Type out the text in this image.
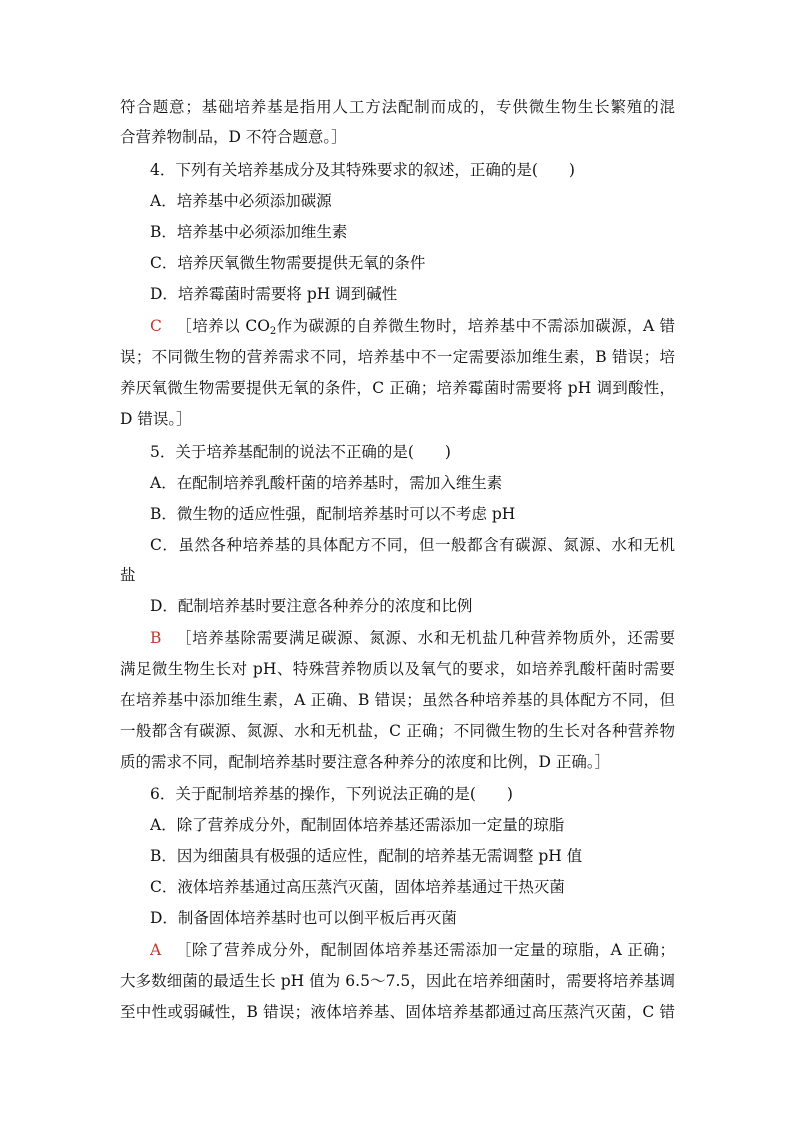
符合题意；基础培养基是指用人工方法配制而成的，专供微生物生长繁殖的混
合营养物制品，D 不符合题意。］
4．下列有关培养基成分及其特殊要求的叙述，正确的是(　　)
A．培养基中必须添加碳源
B．培养基中必须添加维生素
C．培养厌氧微生物需要提供无氧的条件
D．培养霉菌时需要将 pH 调到碱性
C ［培养以 $CO_2$作为碳源的自养微生物时，培养基中不需添加碳源，A 错
误；不同微生物的营养需求不同，培养基中不一定需要添加维生素，B 错误；培
养厌氧微生物需要提供无氧的条件，C 正确；培养霉菌时需要将 pH 调到酸性，
D 错误。］
5．关于培养基配制的说法不正确的是(　　)
A．在配制培养乳酸杆菌的培养基时，需加入维生素
B．微生物的适应性强，配制培养基时可以不考虑 pH
C．虽然各种培养基的具体配方不同，但一般都含有碳源、氮源、水和无机
盐
D．配制培养基时要注意各种养分的浓度和比例
B ［培养基除需要满足碳源、氮源、水和无机盐几种营养物质外，还需要
满足微生物生长对 pH、特殊营养物质以及氧气的要求，如培养乳酸杆菌时需要
在培养基中添加维生素，A 正确、B 错误；虽然各种培养基的具体配方不同，但
一般都含有碳源、氮源、水和无机盐，C 正确；不同微生物的生长对各种营养物
质的需求不同，配制培养基时要注意各种养分的浓度和比例，D 正确。］
6．关于配制培养基的操作，下列说法正确的是(　　)
A．除了营养成分外，配制固体培养基还需添加一定量的琼脂
B．因为细菌具有极强的适应性，配制的培养基无需调整 pH 值
C．液体培养基通过高压蒸汽灭菌，固体培养基通过干热灭菌
D．制备固体培养基时也可以倒平板后再灭菌
A ［除了营养成分外，配制固体培养基还需添加一定量的琼脂，A 正确；
大多数细菌的最适生长 pH 值为 6.5～7.5，因此在培养细菌时，需要将培养基调
至中性或弱碱性，B 错误；液体培养基、固体培养基都通过高压蒸汽灭菌，C 错
